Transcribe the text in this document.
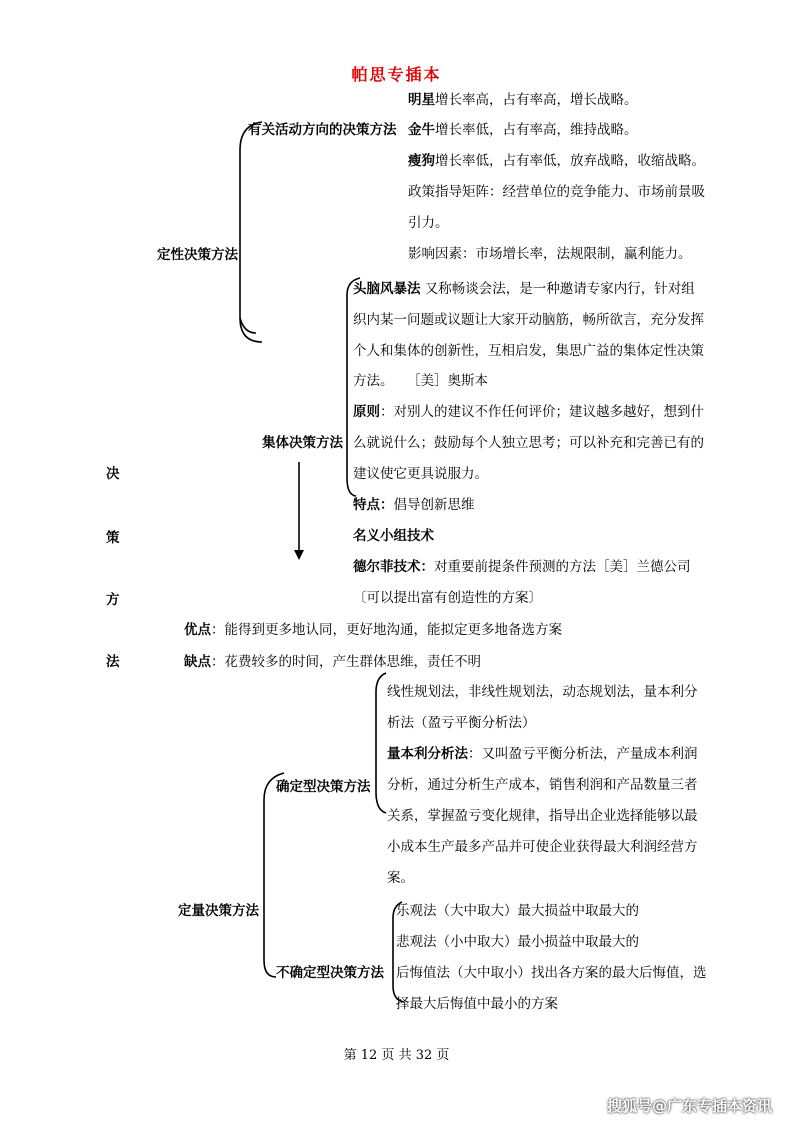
帕思专插本
决
策
方
法
定性决策方法
有关活动方向的决策方法
明星增长率高，占有率高，增长战略。
金牛增长率低，占有率高，维持战略。
瘦狗增长率低，占有率低，放弃战略，收缩战略。
政策指导矩阵：经营单位的竞争能力、市场前景吸
引力。
影响因素：市场增长率，法规限制，赢利能力。
集体决策方法
头脑风暴法 又称畅谈会法，是一种邀请专家内行，针对组
织内某一问题或议题让大家开动脑筋，畅所欲言，充分发挥
个人和集体的创新性，互相启发，集思广益的集体定性决策
方法。　　［美］奥斯本
原则：对别人的建议不作任何评价；建议越多越好，想到什
么就说什么；鼓励每个人独立思考；可以补充和完善已有的
建议使它更具说服力。
特点：倡导创新思维
名义小组技术
德尔菲技术：对重要前提条件预测的方法［美］兰德公司
〔可以提出富有创造性的方案〕
优点：能得到更多地认同，更好地沟通，能拟定更多地备选方案
缺点：花费较多的时间，产生群体思维，责任不明
定量决策方法
确定型决策方法
线性规划法，非线性规划法，动态规划法，量本利分
析法（盈亏平衡分析法）
量本利分析法：又叫盈亏平衡分析法，产量成本利润
分析，通过分析生产成本，销售利润和产品数量三者
关系，掌握盈亏变化规律，指导出企业选择能够以最
小成本生产最多产品并可使企业获得最大利润经营方
案。
不确定型决策方法
乐观法（大中取大）最大损益中取最大的
悲观法（小中取大）最小损益中取最大的
后悔值法（大中取小）找出各方案的最大后悔值，选
择最大后悔值中最小的方案
第 12 页 共 32 页
搜狐号@广东专插本资讯
